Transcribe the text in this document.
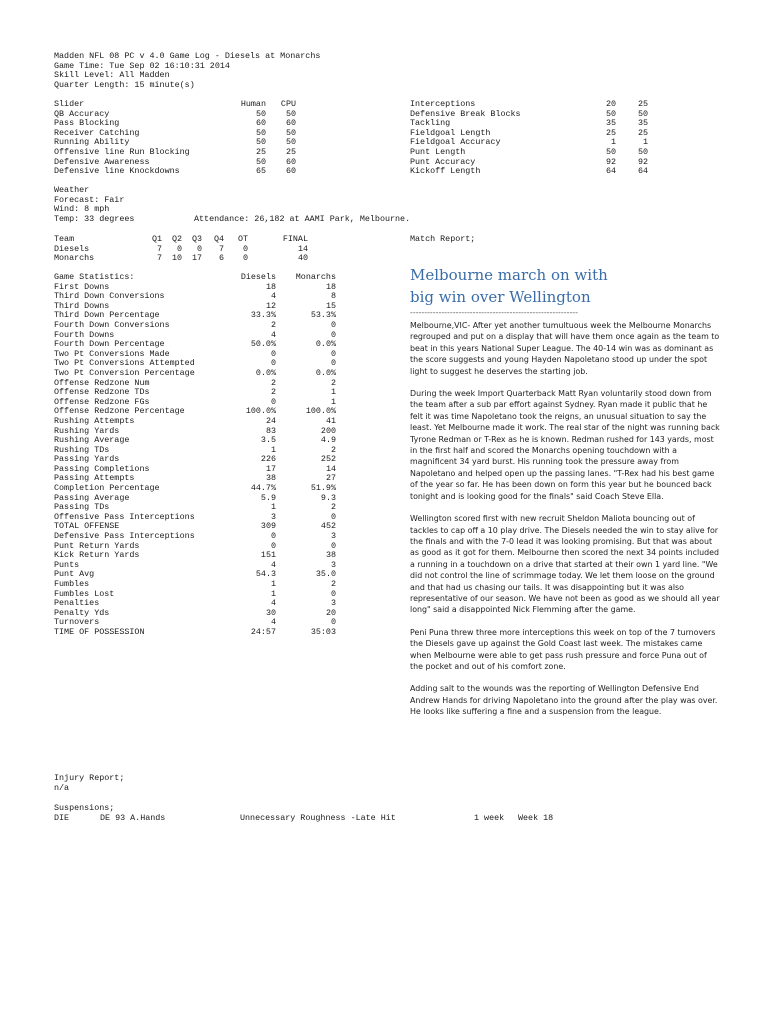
Madden NFL 08 PC v 4.0 Game Log - Diesels at Monarchs
Game Time: Tue Sep 02 16:10:31 2014
Skill Level: All Madden
Quarter Length: 15 minute(s)
Slider	Human	CPU
QB Accuracy	50	50
Pass Blocking	60	60
Receiver Catching	50	50
Running Ability	50	50
Offensive line Run Blocking	25	25
Defensive Awareness	50	60
Defensive line Knockdowns	65	60
Interceptions	20	25
Defensive Break Blocks	50	50
Tackling	35	35
Fieldgoal Length	25	25
Fieldgoal Accuracy	1	1
Punt Length	50	50
Punt Accuracy	92	92
Kickoff Length	64	64
Weather
Forecast: Fair
Wind: 8 mph
Temp: 33 degrees	Attendance: 26,182 at AAMI Park, Melbourne.
Team	Q1	Q2	Q3	Q4	OT	FINAL
Diesels	7	0	0	7	0	14
Monarchs	7	10	17	6	0	40
Game Statistics:	Diesels	Monarchs
First Downs	18	18
Third Down Conversions	4	8
Third Downs	12	15
Third Down Percentage	33.3%	53.3%
Fourth Down Conversions	2	0
Fourth Downs	4	0
Fourth Down Percentage	50.0%	0.0%
Two Pt Conversions Made	0	0
Two Pt Conversions Attempted	0	0
Two Pt Conversion Percentage	0.0%	0.0%
Offense Redzone Num	2	2
Offense Redzone TDs	2	1
Offense Redzone FGs	0	1
Offense Redzone Percentage	100.0%	100.0%
Rushing Attempts	24	41
Rushing Yards	83	200
Rushing Average	3.5	4.9
Rushing TDs	1	2
Passing Yards	226	252
Passing Completions	17	14
Passing Attempts	38	27
Completion Percentage	44.7%	51.9%
Passing Average	5.9	9.3
Passing TDs	1	2
Offensive Pass Interceptions	3	0
TOTAL OFFENSE	309	452
Defensive Pass Interceptions	0	3
Punt Return Yards	0	0
Kick Return Yards	151	38
Punts	4	3
Punt Avg	54.3	35.0
Fumbles	1	2
Fumbles Lost	1	0
Penalties	4	3
Penalty Yds	30	20
Turnovers	4	0
TIME OF POSSESSION	24:57	35:03
Match Report;
Melbourne march on with
big win over Wellington
-----------------------------------------------------------

Melbourne,VIC- After yet another tumultuous week the Melbourne Monarchs regrouped and put on a display that will have them once again as the team to beat in this years National Super League. The 40-14 win was as dominant as the score suggests and young Hayden Napoletano stood up under the spot light to suggest he deserves the starting job.

During the week Import Quarterback Matt Ryan voluntarily stood down from the team after a sub par effort against Sydney. Ryan made it public that he felt it was time Napoletano took the reigns, an unusual situation to say the least. Yet Melbourne made it work. The real star of the night was running back Tyrone Redman or T-Rex as he is known. Redman rushed for 143 yards, most in the first half and scored the Monarchs opening touchdown with a magnificent 34 yard burst. His running took the pressure away from Napoletano and helped open up the passing lanes. "T-Rex had his best game of the year so far. He has been down on form this year but he bounced back tonight and is looking good for the finals" said Coach Steve Ella.

Wellington scored first with new recruit Sheldon Maliota bouncing out of tackles to cap off a 10 play drive. The Diesels needed the win to stay alive for the finals and with the 7-0 lead it was looking promising. But that was about as good as it got for them. Melbourne then scored the next 34 points included a running in a touchdown on a drive that started at their own 1 yard line. "We did not control the line of scrimmage today. We let them loose on the ground and that had us chasing our tails. It was disappointing but it was also representative of our season. We have not been as good as we should all year long" said a disappointed Nick Flemming after the game.

Peni Puna threw three more interceptions this week on top of the 7 turnovers the Diesels gave up against the Gold Coast last week. The mistakes came when Melbourne were able to get pass rush pressure and force Puna out of the pocket and out of his comfort zone.

Adding salt to the wounds was the reporting of Wellington Defensive End Andrew Hands for driving Napoletano into the ground after the play was over. He looks like suffering a fine and a suspension from the league.

Injury Report;
n/a
Suspensions;
DIE	DE 93 A.Hands	Unnecessary Roughness -Late Hit	1 week Week 18
